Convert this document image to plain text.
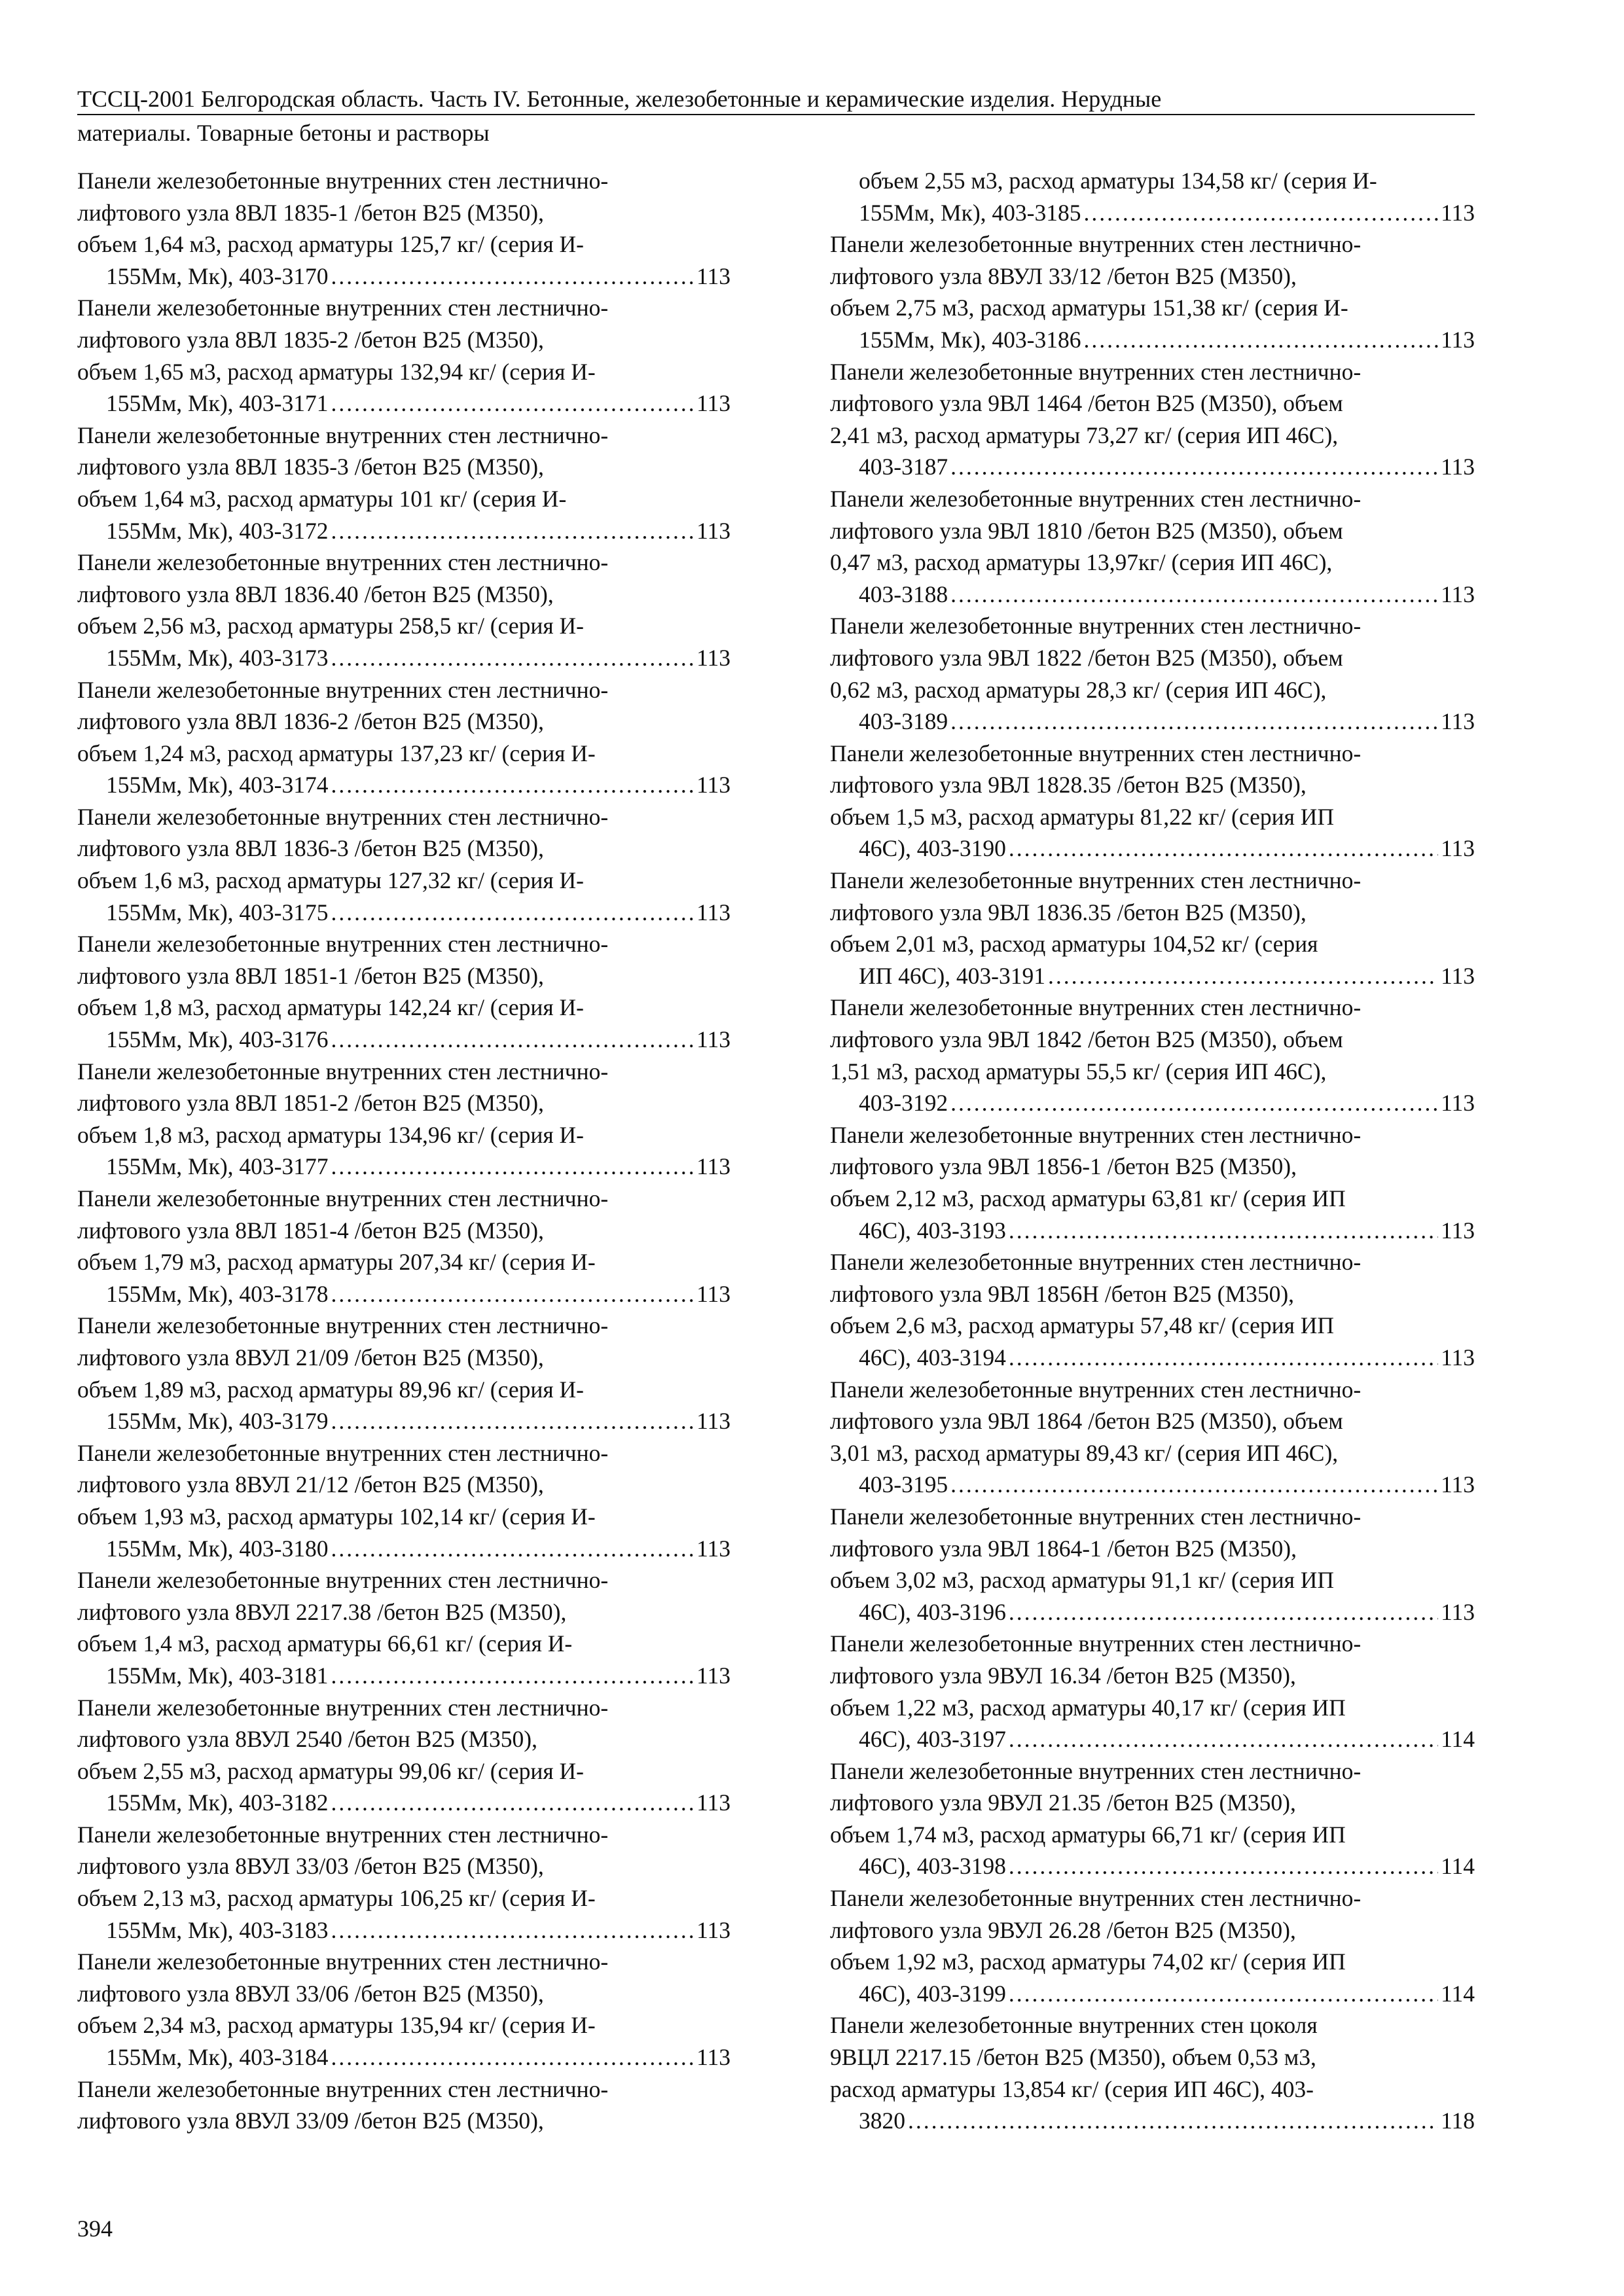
ТССЦ-2001 Белгородская область. Часть IV. Бетонные, железобетонные и керамические изделия. Нерудные
материалы. Товарные бетоны и растворы
Панели железобетонные внутренних стен лестнично-
лифтового узла 8ВЛ 1835-1 /бетон В25 (М350),
объем 1,64 м3, расход арматуры 125,7 кг/ (серия И-
155Мм, Мк), 403-3170 .....	113
Панели железобетонные внутренних стен лестнично-
лифтового узла 8ВЛ 1835-2 /бетон В25 (М350),
объем 1,65 м3, расход арматуры 132,94 кг/ (серия И-
155Мм, Мк), 403-3171 .....	113
Панели железобетонные внутренних стен лестнично-
лифтового узла 8ВЛ 1835-3 /бетон В25 (М350),
объем 1,64 м3, расход арматуры 101 кг/ (серия И-
155Мм, Мк), 403-3172 .....	113
Панели железобетонные внутренних стен лестнично-
лифтового узла 8ВЛ 1836.40 /бетон В25 (М350),
объем 2,56 м3, расход арматуры 258,5 кг/ (серия И-
155Мм, Мк), 403-3173 .....	113
Панели железобетонные внутренних стен лестнично-
лифтового узла 8ВЛ 1836-2 /бетон В25 (М350),
объем 1,24 м3, расход арматуры 137,23 кг/ (серия И-
155Мм, Мк), 403-3174 .....	113
Панели железобетонные внутренних стен лестнично-
лифтового узла 8ВЛ 1836-3 /бетон В25 (М350),
объем 1,6 м3, расход арматуры 127,32 кг/ (серия И-
155Мм, Мк), 403-3175 .....	113
Панели железобетонные внутренних стен лестнично-
лифтового узла 8ВЛ 1851-1 /бетон В25 (М350),
объем 1,8 м3, расход арматуры 142,24 кг/ (серия И-
155Мм, Мк), 403-3176 .....	113
Панели железобетонные внутренних стен лестнично-
лифтового узла 8ВЛ 1851-2 /бетон В25 (М350),
объем 1,8 м3, расход арматуры 134,96 кг/ (серия И-
155Мм, Мк), 403-3177 .....	113
Панели железобетонные внутренних стен лестнично-
лифтового узла 8ВЛ 1851-4 /бетон В25 (М350),
объем 1,79 м3, расход арматуры 207,34 кг/ (серия И-
155Мм, Мк), 403-3178 .....	113
Панели железобетонные внутренних стен лестнично-
лифтового узла 8ВУЛ 21/09 /бетон В25 (М350),
объем 1,89 м3, расход арматуры 89,96 кг/ (серия И-
155Мм, Мк), 403-3179 .....	113
Панели железобетонные внутренних стен лестнично-
лифтового узла 8ВУЛ 21/12 /бетон В25 (М350),
объем 1,93 м3, расход арматуры 102,14 кг/ (серия И-
155Мм, Мк), 403-3180 .....	113
Панели железобетонные внутренних стен лестнично-
лифтового узла 8ВУЛ 2217.38 /бетон В25 (М350),
объем 1,4 м3, расход арматуры 66,61 кг/ (серия И-
155Мм, Мк), 403-3181 .....	113
Панели железобетонные внутренних стен лестнично-
лифтового узла 8ВУЛ 2540 /бетон В25 (М350),
объем 2,55 м3, расход арматуры 99,06 кг/ (серия И-
155Мм, Мк), 403-3182 .....	113
Панели железобетонные внутренних стен лестнично-
лифтового узла 8ВУЛ 33/03 /бетон В25 (М350),
объем 2,13 м3, расход арматуры 106,25 кг/ (серия И-
155Мм, Мк), 403-3183 .....	113
Панели железобетонные внутренних стен лестнично-
лифтового узла 8ВУЛ 33/06 /бетон В25 (М350),
объем 2,34 м3, расход арматуры 135,94 кг/ (серия И-
155Мм, Мк), 403-3184 .....	113
Панели железобетонные внутренних стен лестнично-
лифтового узла 8ВУЛ 33/09 /бетон В25 (М350),
объем 2,55 м3, расход арматуры 134,58 кг/ (серия И-
155Мм, Мк), 403-3185 .....	113
Панели железобетонные внутренних стен лестнично-
лифтового узла 8ВУЛ 33/12 /бетон В25 (М350),
объем 2,75 м3, расход арматуры 151,38 кг/ (серия И-
155Мм, Мк), 403-3186 .....	113
Панели железобетонные внутренних стен лестнично-
лифтового узла 9ВЛ 1464 /бетон В25 (М350), объем
2,41 м3, расход арматуры 73,27 кг/ (серия ИП 46С),
403-3187 .....	113
Панели железобетонные внутренних стен лестнично-
лифтового узла 9ВЛ 1810 /бетон В25 (М350), объем
0,47 м3, расход арматуры 13,97кг/ (серия ИП 46С),
403-3188 .....	113
Панели железобетонные внутренних стен лестнично-
лифтового узла 9ВЛ 1822 /бетон В25 (М350), объем
0,62 м3, расход арматуры 28,3 кг/ (серия ИП 46С),
403-3189 .....	113
Панели железобетонные внутренних стен лестнично-
лифтового узла 9ВЛ 1828.35 /бетон В25 (М350),
объем 1,5 м3, расход арматуры 81,22 кг/ (серия ИП
46С), 403-3190 .....	113
Панели железобетонные внутренних стен лестнично-
лифтового узла 9ВЛ 1836.35 /бетон В25 (М350),
объем 2,01 м3, расход арматуры 104,52 кг/ (серия
ИП 46С), 403-3191 .....	113
Панели железобетонные внутренних стен лестнично-
лифтового узла 9ВЛ 1842 /бетон В25 (М350), объем
1,51 м3, расход арматуры 55,5 кг/ (серия ИП 46С),
403-3192 .....	113
Панели железобетонные внутренних стен лестнично-
лифтового узла 9ВЛ 1856-1 /бетон В25 (М350),
объем 2,12 м3, расход арматуры 63,81 кг/ (серия ИП
46С), 403-3193 .....	113
Панели железобетонные внутренних стен лестнично-
лифтового узла 9ВЛ 1856Н /бетон В25 (М350),
объем 2,6 м3, расход арматуры 57,48 кг/ (серия ИП
46С), 403-3194 .....	113
Панели железобетонные внутренних стен лестнично-
лифтового узла 9ВЛ 1864 /бетон В25 (М350), объем
3,01 м3, расход арматуры 89,43 кг/ (серия ИП 46С),
403-3195 .....	113
Панели железобетонные внутренних стен лестнично-
лифтового узла 9ВЛ 1864-1 /бетон В25 (М350),
объем 3,02 м3, расход арматуры 91,1 кг/ (серия ИП
46С), 403-3196 .....	113
Панели железобетонные внутренних стен лестнично-
лифтового узла 9ВУЛ 16.34 /бетон В25 (М350),
объем 1,22 м3, расход арматуры 40,17 кг/ (серия ИП
46С), 403-3197 .....	114
Панели железобетонные внутренних стен лестнично-
лифтового узла 9ВУЛ 21.35 /бетон В25 (М350),
объем 1,74 м3, расход арматуры 66,71 кг/ (серия ИП
46С), 403-3198 .....	114
Панели железобетонные внутренних стен лестнично-
лифтового узла 9ВУЛ 26.28 /бетон В25 (М350),
объем 1,92 м3, расход арматуры 74,02 кг/ (серия ИП
46С), 403-3199 .....	114
Панели железобетонные внутренних стен цоколя
9ВЦЛ 2217.15 /бетон В25 (М350), объем 0,53 м3,
расход арматуры 13,854 кг/ (серия ИП 46С), 403-
3820 .....	118
394
